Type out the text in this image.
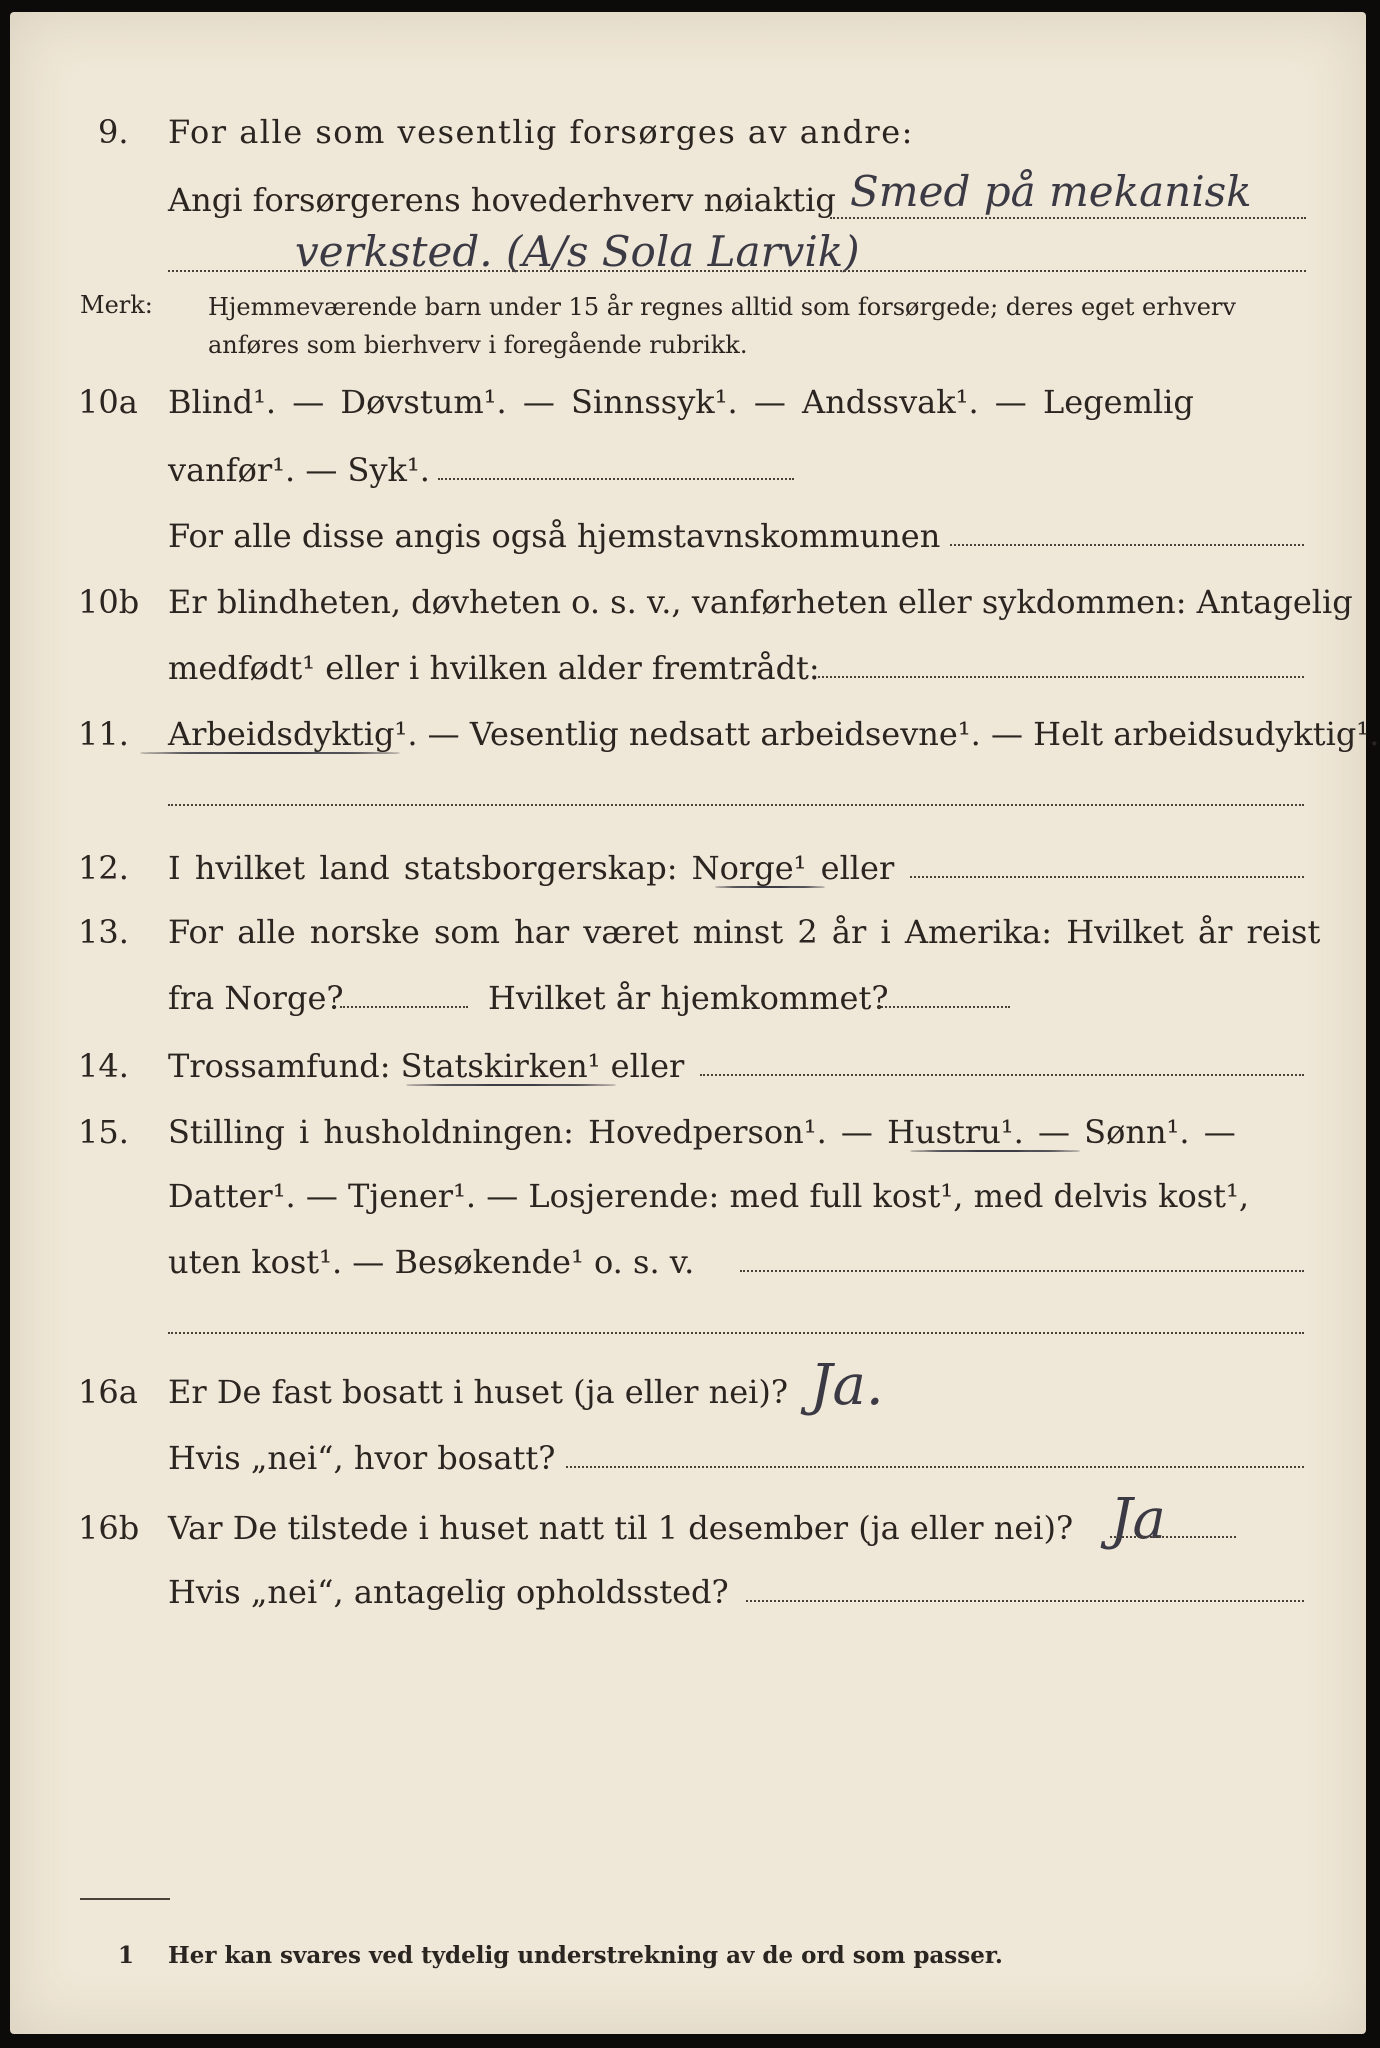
9. For alle som vesentlig forsørges av andre:
Angi forsørgerens hovederhverv nøiaktig Smed på mekanisk
verksted. (A/s Sola Larvik)
Merk: Hjemmeværende barn under 15 år regnes alltid som forsørgede; deres eget erhverv
anføres som bierhverv i foregående rubrikk.
10a Blind¹. — Døvstum¹. — Sinnssyk¹. — Andssvak¹. — Legemlig
vanfør¹. — Syk¹.
For alle disse angis også hjemstavnskommunen
10b Er blindheten, døvheten o. s. v., vanførheten eller sykdommen: Antagelig
medfødt¹ eller i hvilken alder fremtrådt:
11. Arbeidsdyktig¹. — Vesentlig nedsatt arbeidsevne¹. — Helt arbeidsudyktig¹.
12. I hvilket land statsborgerskap: Norge¹ eller
13. For alle norske som har været minst 2 år i Amerika: Hvilket år reist
fra Norge?	Hvilket år hjemkommet?
14. Trossamfund: Statskirken¹ eller
15. Stilling i husholdningen: Hovedperson¹. — Hustru¹. — Sønn¹. —
Datter¹. — Tjener¹. — Losjerende: med full kost¹, med delvis kost¹,
uten kost¹. — Besøkende¹ o. s. v.
16a Er De fast bosatt i huset (ja eller nei)? Ja.
Hvis „nei“, hvor bosatt?
16b Var De tilstede i huset natt til 1 desember (ja eller nei)? Ja
Hvis „nei“, antagelig opholdssted?
1 Her kan svares ved tydelig understrekning av de ord som passer.
